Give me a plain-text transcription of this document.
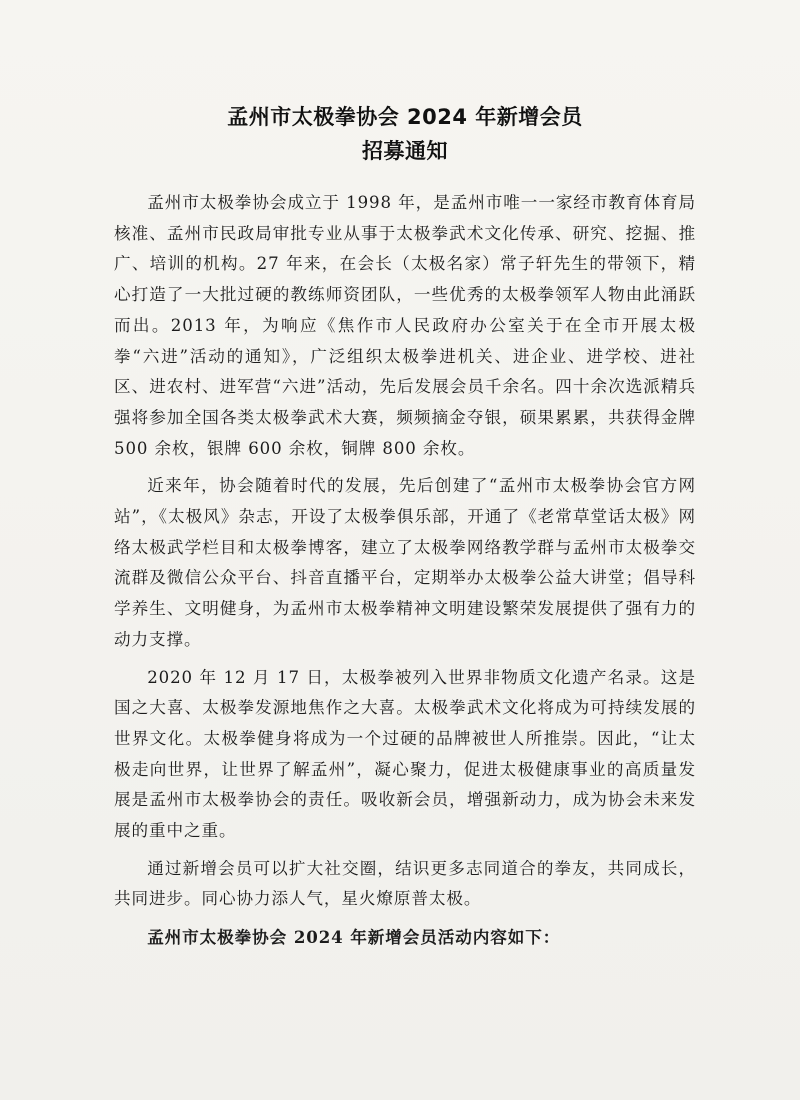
孟州市太极拳协会 2024 年新增会员
招募通知

孟州市太极拳协会成立于 1998 年，是孟州市唯一一家经市教育体育局核准、孟州市民政局审批专业从事于太极拳武术文化传承、研究、挖掘、推广、培训的机构。27 年来，在会长（太极名家）常子轩先生的带领下，精心打造了一大批过硬的教练师资团队，一些优秀的太极拳领军人物由此涌跃而出。2013 年，为响应《焦作市人民政府办公室关于在全市开展太极拳“六进”活动的通知》，广泛组织太极拳进机关、进企业、进学校、进社区、进农村、进军营“六进”活动，先后发展会员千余名。四十余次选派精兵强将参加全国各类太极拳武术大赛，频频摘金夺银，硕果累累，共获得金牌 500 余枚，银牌 600 余枚，铜牌 800 余枚。

近来年，协会随着时代的发展，先后创建了“孟州市太极拳协会官方网站”，《太极风》杂志，开设了太极拳俱乐部，开通了《老常草堂话太极》网络太极武学栏目和太极拳博客，建立了太极拳网络教学群与孟州市太极拳交流群及微信公众平台、抖音直播平台，定期举办太极拳公益大讲堂；倡导科学养生、文明健身，为孟州市太极拳精神文明建设繁荣发展提供了强有力的动力支撑。

2020 年 12 月 17 日，太极拳被列入世界非物质文化遗产名录。这是国之大喜、太极拳发源地焦作之大喜。太极拳武术文化将成为可持续发展的世界文化。太极拳健身将成为一个过硬的品牌被世人所推崇。因此，“让太极走向世界，让世界了解孟州”，凝心聚力，促进太极健康事业的高质量发展是孟州市太极拳协会的责任。吸收新会员，增强新动力，成为协会未来发展的重中之重。

通过新增会员可以扩大社交圈，结识更多志同道合的拳友，共同成长，共同进步。同心协力添人气，星火燎原普太极。

孟州市太极拳协会 2024 年新增会员活动内容如下：
